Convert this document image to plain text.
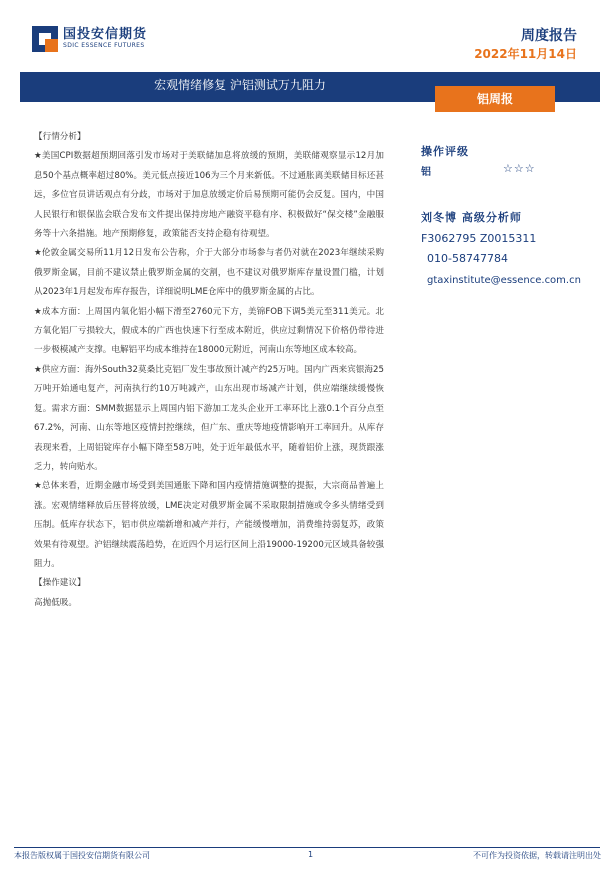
国投安信期货
SDIC ESSENCE FUTURES
周度报告
2022年11月14日
宏观情绪修复 沪铝测试万九阻力
铝周报

【行情分析】

★美国CPI数据超预期回落引发市场对于美联储加息将放缓的预期，美联储观察显示12月加息50个基点概率超过80%。美元低点接近106为三个月来新低。不过通胀离美联储目标还甚远，多位官员讲话观点有分歧，市场对于加息放缓定价后易预期可能仍会反复。国内，中国人民银行和银保监会联合发布文件提出保持房地产融资平稳有序、积极做好“保交楼”金融服务等十六条措施。地产预期修复，政策能否支持企稳有待观望。

★伦敦金属交易所11月12日发布公告称，介于大部分市场参与者仍对就在2023年继续采购俄罗斯金属，目前不建议禁止俄罗斯金属的交割，也不建议对俄罗斯库存量设置门槛，计划从2023年1月起发布库存报告，详细说明LME仓库中的俄罗斯金属的占比。

★成本方面：上周国内氧化铝小幅下滑至2760元下方，美锦FOB下调5美元至311美元。北方氧化铝厂亏损较大，假成本的广西也快速下行至成本附近，供应过剩情况下价格仍带待进一步极模减产支撑。电解铝平均成本维持在18000元附近，河南山东等地区成本较高。

★供应方面：海外South32莫桑比克铝厂发生事故预计减产约25万吨。国内广西来宾银海25万吨开始通电复产，河南执行约10万吨减产，山东出现市场减产计划，供应端继续缓慢恢复。需求方面：SMM数据显示上周国内铝下游加工龙头企业开工率环比上涨0.1个百分点至67.2%，河南、山东等地区疫情封控继续，但广东、重庆等地疫情影响开工率回升。从库存表现来看，上周铝锭库存小幅下降至58万吨，处于近年最低水平，随着铝价上涨，现货跟涨乏力，转向贴水。

★总体来看，近期金融市场受到美国通胀下降和国内疫情措施调整的提振，大宗商品普遍上涨。宏观情绪释放后压替将放缓，LME决定对俄罗斯金属不采取限制措施或令多头情绪受到压制。低库存状态下，铝市供应端新增和减产并行，产能缓慢增加，消费维持弱复苏，政策效果有待观望。沪铝继续震荡趋势，在近四个月运行区间上沿19000-19200元区域具备较强阻力。

【操作建议】

高抛低吸。

操作评级
铝	☆☆☆
刘冬博 高级分析师
F3062795 Z0015311
010-58747784
gtaxinstitute@essence.com.cn
本报告版权属于国投安信期货有限公司	1	不可作为投资依据，转载请注明出处
